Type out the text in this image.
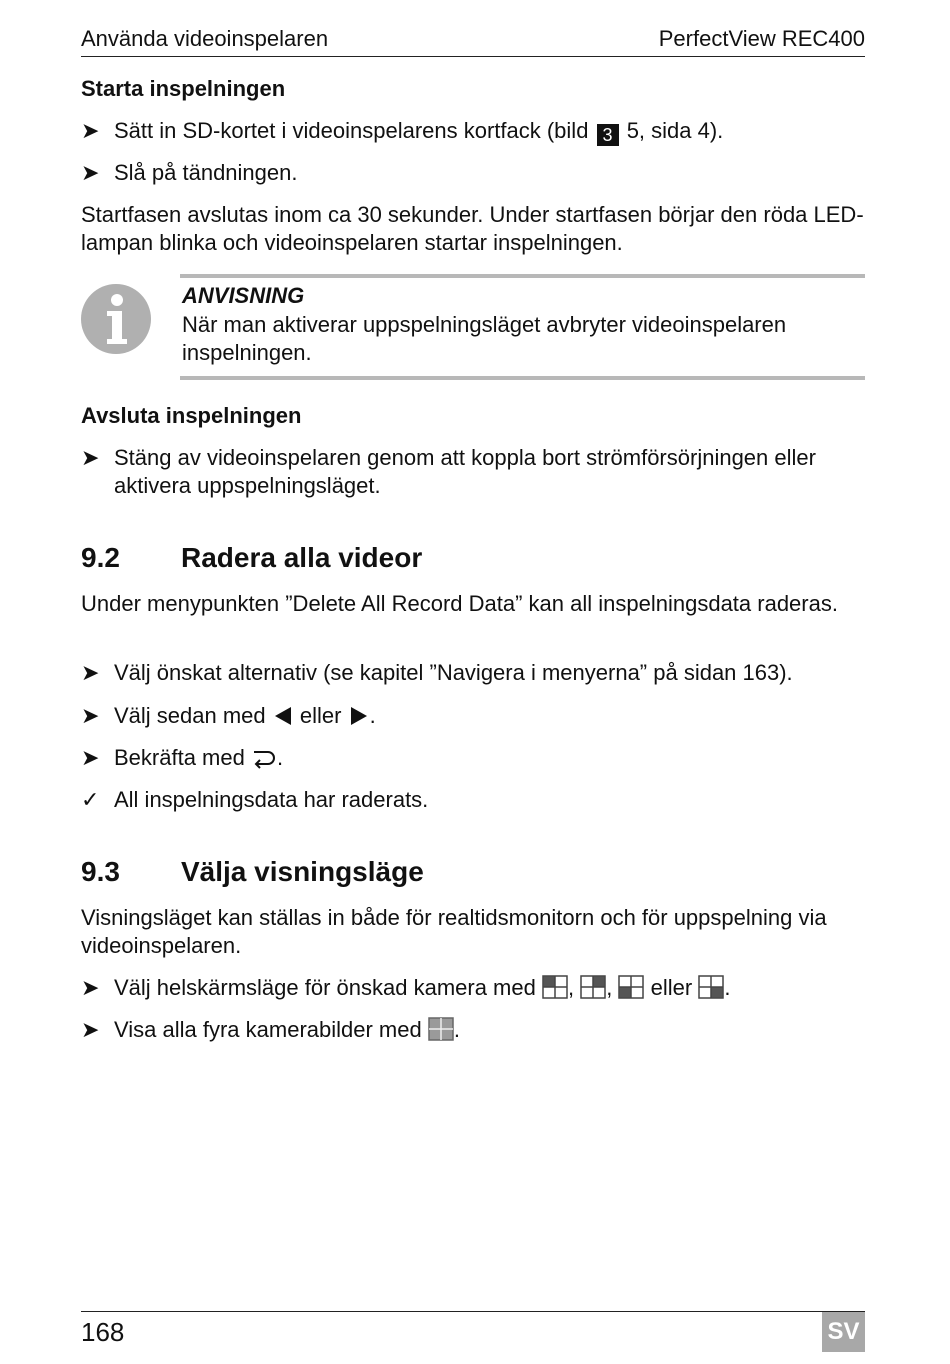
Använda videoinspelaren	PerfectView REC400
Starta inspelningen
➤ Sätt in SD-kortet i videoinspelarens kortfack (bild 3 5, sida 4).
➤ Slå på tändningen.
Startfasen avslutas inom ca 30 sekunder. Under startfasen börjar den röda LED-lampan blinka och videoinspelaren startar inspelningen.
ANVISNING
När man aktiverar uppspelningsläget avbryter videoinspelaren inspelningen.
Avsluta inspelningen
➤ Stäng av videoinspelaren genom att koppla bort strömförsörjningen eller aktivera uppspelningsläget.
9.2 Radera alla videor
Under menypunkten ”Delete All Record Data” kan all inspelningsdata raderas.
➤ Välj önskat alternativ (se kapitel ”Navigera i menyerna” på sidan 163).
➤ Välj sedan med eller .
➤ Bekräfta med .
✓ All inspelningsdata har raderats.
9.3 Välja visningsläge
Visningsläget kan ställas in både för realtidsmonitorn och för uppspelning via videoinspelaren.
➤ Välj helskärmsläge för önskad kamera med , , eller .
➤ Visa alla fyra kamerabilder med .
168	SV
